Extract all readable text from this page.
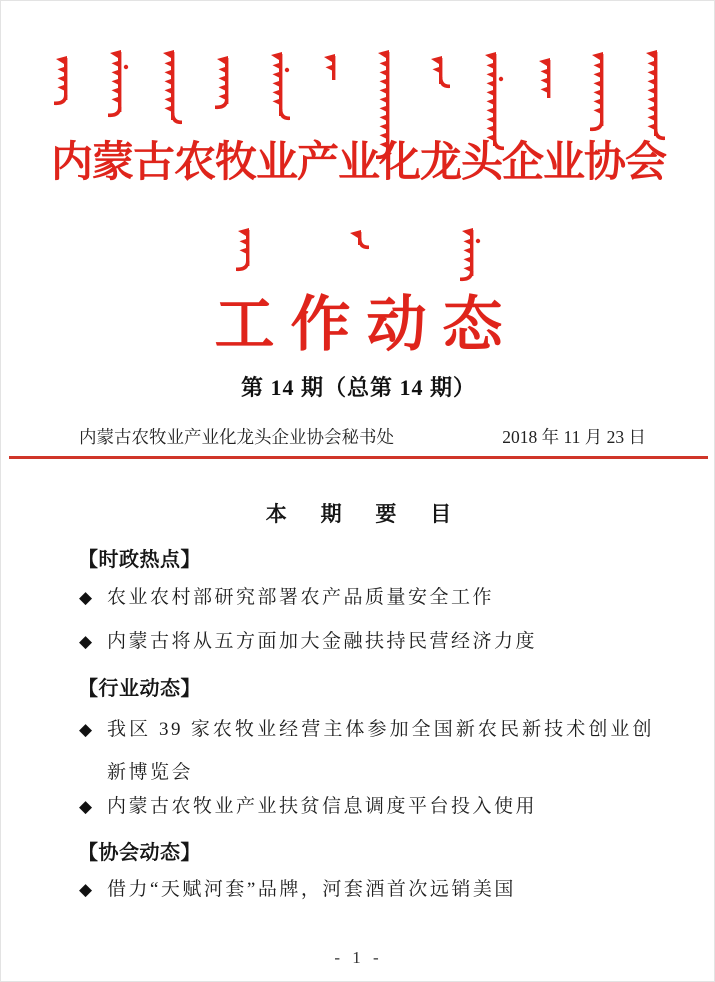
内蒙古农牧业产业化龙头企业协会
工作动态
第 14 期（总第 14 期）
内蒙古农牧业产业化龙头企业协会秘书处	2018 年 11 月 23 日
本 期 要 目
【时政热点】
◆ 农业农村部研究部署农产品质量安全工作
◆ 内蒙古将从五方面加大金融扶持民营经济力度
【行业动态】
◆ 我区 39 家农牧业经营主体参加全国新农民新技术创业创新博览会
◆ 内蒙古农牧业产业扶贫信息调度平台投入使用
【协会动态】
◆ 借力“天赋河套”品牌，河套酒首次远销美国
- 1 -
